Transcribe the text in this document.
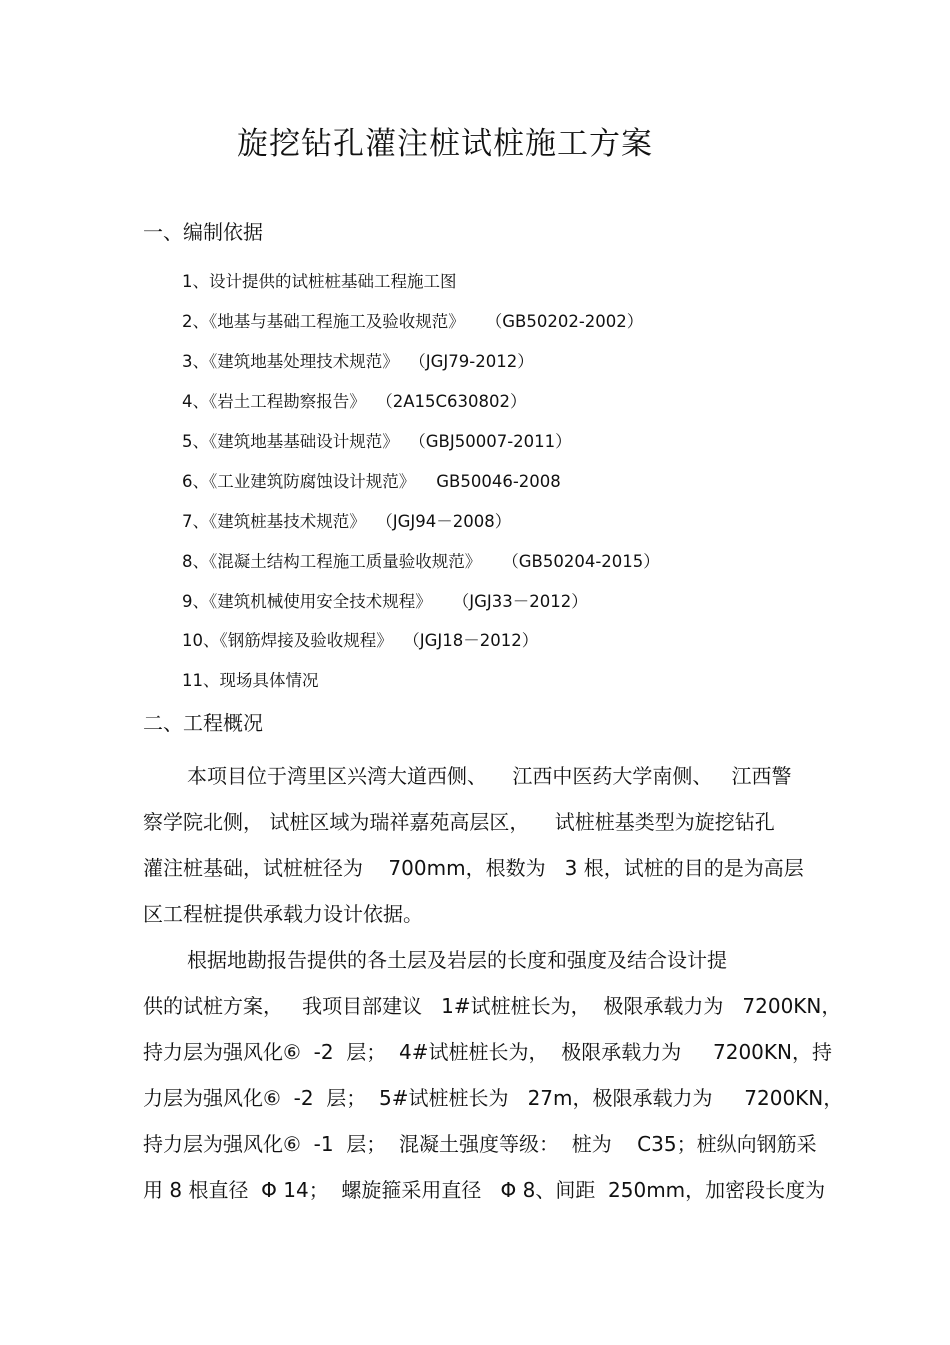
旋挖钻孔灌注桩试桩施工方案
一、编制依据
1、设计提供的试桩桩基础工程施工图
2、《地基与基础工程施工及验收规范》    （GB50202-2002）
3、《建筑地基处理技术规范》  （JGJ79-2012）
4、《岩土工程勘察报告》  （2A15C630802）
5、《建筑地基基础设计规范》  （GBJ50007-2011）
6、《工业建筑防腐蚀设计规范》    GB50046-2008
7、《建筑桩基技术规范》  （JGJ94－2008）
8、《混凝土结构工程施工质量验收规范》    （GB50204-2015）
9、《建筑机械使用安全技术规程》    （JGJ33－2012）
10、《钢筋焊接及验收规程》  （JGJ18－2012）
11、现场具体情况
二、工程概况
本项目位于湾里区兴湾大道西侧、    江西中医药大学南侧、   江西警
察学院北侧， 试桩区域为瑞祥嘉苑高层区，    试桩桩基类型为旋挖钻孔
灌注桩基础，试桩桩径为    700mm，根数为   3 根，试桩的目的是为高层
区工程桩提供承载力设计依据。
根据地勘报告提供的各土层及岩层的长度和强度及结合设计提
供的试桩方案，   我项目部建议   1#试桩桩长为，  极限承载力为   7200KN，
持力层为强风化⑥  -2  层；  4#试桩桩长为，  极限承载力为     7200KN，持
力层为强风化⑥  -2  层；  5#试桩桩长为   27m，极限承载力为     7200KN，
持力层为强风化⑥  -1  层；  混凝土强度等级：  桩为    C35；桩纵向钢筋采
用 8 根直径  Φ 14；  螺旋箍采用直径   Φ 8、间距  250mm，加密段长度为
